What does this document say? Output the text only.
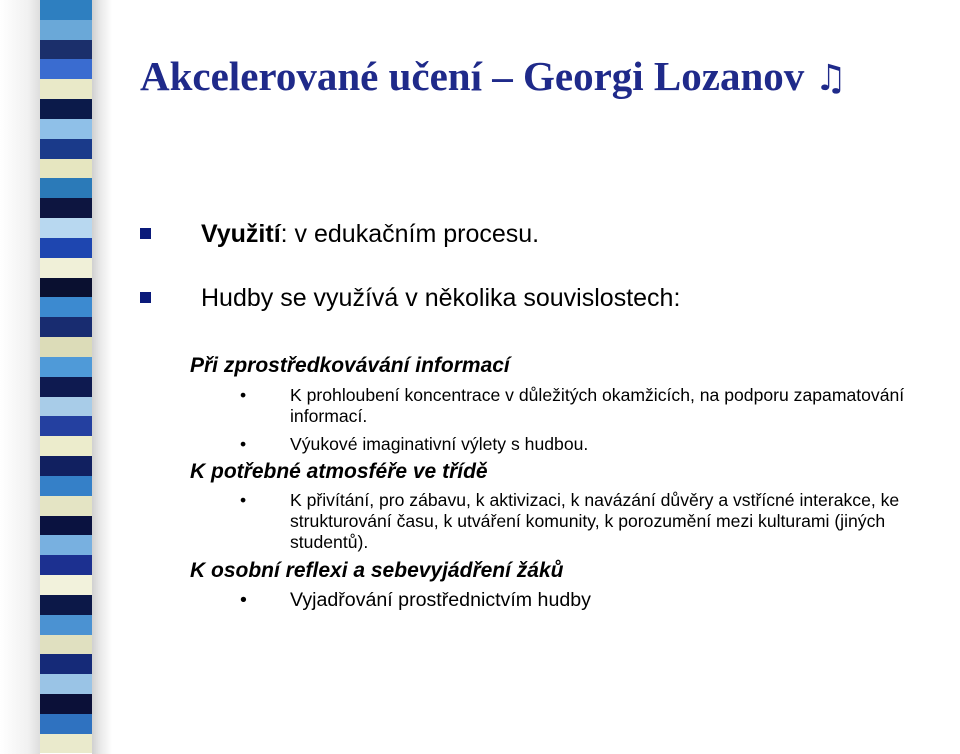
Akcelerované učení – Georgi Lozanov ♫
Využití: v edukačním procesu.
Hudby se využívá v několika souvislostech:
Při zprostředkovávání informací
• K prohloubení koncentrace v důležitých okamžicích, na podporu zapamatování informací.
• Výukové imaginativní výlety s hudbou.
K potřebné atmosféře ve třídě
• K přivítání, pro zábavu, k aktivizaci, k navázání důvěry a vstřícné interakce, ke strukturování času, k utváření komunity, k porozumění mezi kulturami (jiných studentů).
K osobní reflexi a sebevyjádření žáků
• Vyjadřování prostřednictvím hudby
